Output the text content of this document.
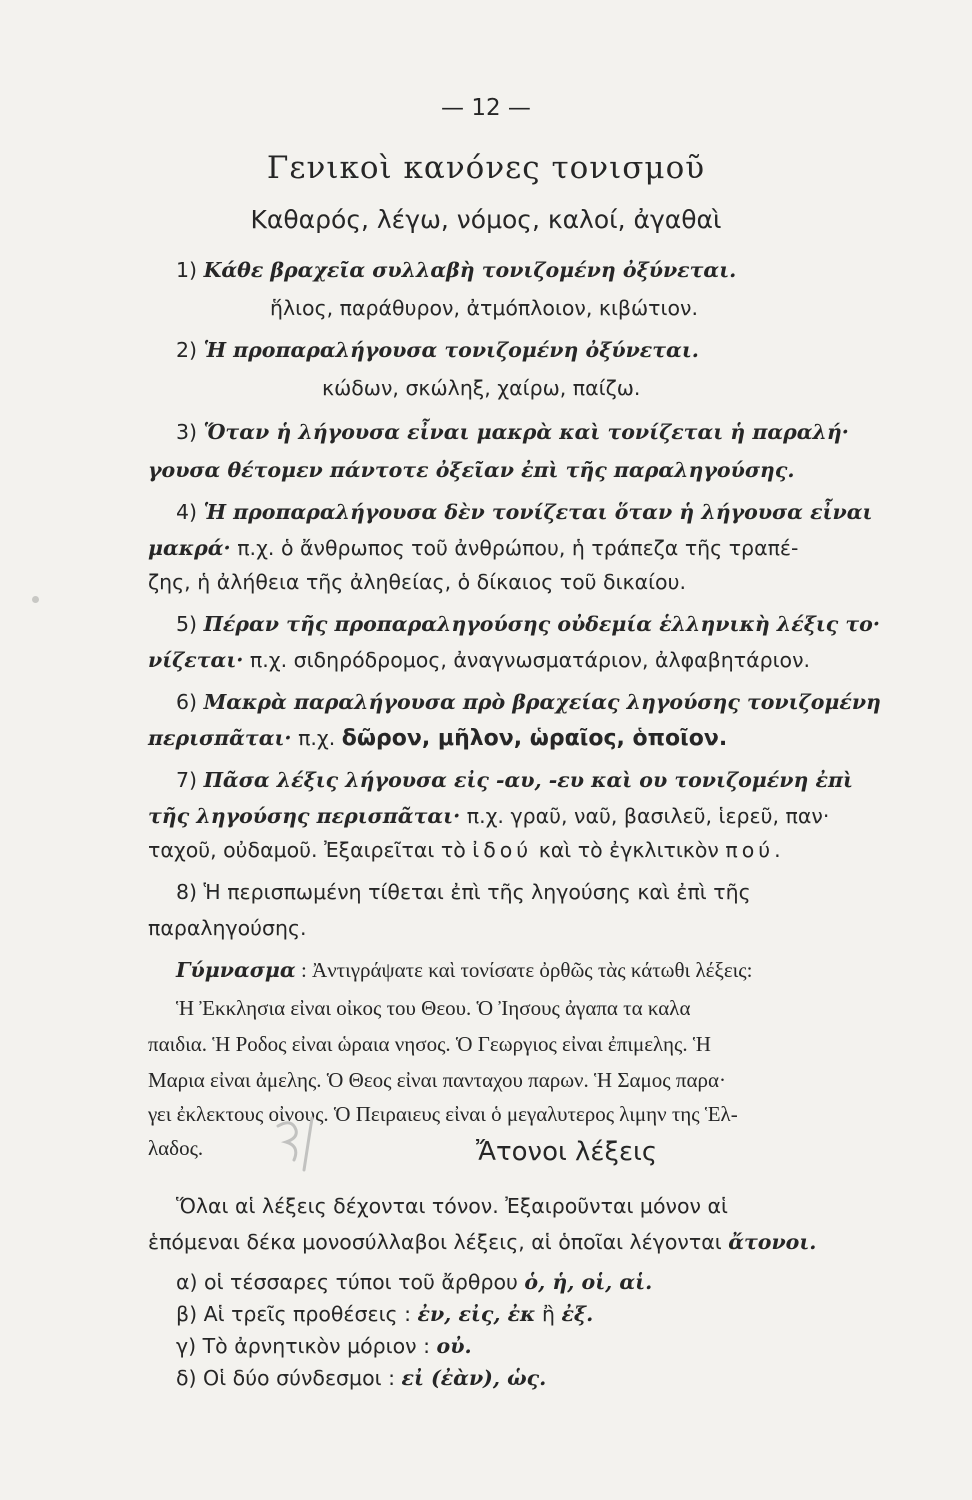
— 12 —
Γενικοὶ κανόνες τονισμοῦ
Καθαρός, λέγω, νόμος, καλοί, ἀγαθαὶ
1) Κάθε βραχεῖα συλλαβὴ τονιζομένη ὀξύνεται.
ἥλιος, παράθυρον, ἀτμόπλοιον, κιβώτιον.
2) Ἡ προπαραλήγουσα τονιζομένη ὀξύνεται.
κώδων, σκώληξ, χαίρω, παίζω.
3) Ὅταν ἡ λήγουσα εἶναι μακρὰ καὶ τονίζεται ἡ παραλή·
γουσα θέτομεν πάντοτε ὀξεῖαν ἐπὶ τῆς παραληγούσης.
4) Ἡ προπαραλήγουσα δὲν τονίζεται ὅταν ἡ λήγουσα εἶναι
μακρά· π.χ. ὁ ἄνθρωπος τοῦ ἀνθρώπου, ἡ τράπεζα τῆς τραπέ-
ζης, ἡ ἀλήθεια τῆς ἀληθείας, ὁ δίκαιος τοῦ δικαίου.
5) Πέραν τῆς προπαραληγούσης οὐδεμία ἑλληνικὴ λέξις το·
νίζεται· π.χ. σιδηρόδρομος, ἀναγνωσματάριον, ἀλφαβητάριον.
6) Μακρὰ παραλήγουσα πρὸ βραχείας ληγούσης τονιζομένη
περισπᾶται· π.χ. δῶρον, μῆλον, ὡραῖος, ὁποῖον.
7) Πᾶσα λέξις λήγουσα εἰς -αυ, -ευ καὶ ου τονιζομένη ἐπὶ
τῆς ληγούσης περισπᾶται· π.χ. γραῦ, ναῦ, βασιλεῦ, ἱερεῦ, παν·
ταχοῦ, οὐδαμοῦ. Ἐξαιρεῖται τὸ ἰδού καὶ τὸ ἐγκλιτικὸν πού.
8) Ἡ περισπωμένη τίθεται ἐπὶ τῆς ληγούσης καὶ ἐπὶ τῆς
παραληγούσης.
Γύμνασμα : Ἀντιγράψατε καὶ τονίσατε ὀρθῶς τὰς κάτωθι λέξεις:
Ἡ Ἐκκλησια εἰναι οἰκος του Θεου. Ὁ Ἰησους ἀγαπα τα καλα
παιδια. Ἡ Ροδος εἰναι ὡραια νησος. Ὁ Γεωργιος εἰναι ἐπιμελης. Ἡ
Μαρια εἰναι ἀμελης. Ὁ Θεος εἰναι πανταχου παρων. Ἡ Σαμος παρα·
γει ἐκλεκτους οἰνους. Ὁ Πειραιευς εἰναι ὁ μεγαλυτερος λιμην της Ἑλ-
λαδος.	Ἄτονοι λέξεις
Ὅλαι αἱ λέξεις δέχονται τόνον. Ἐξαιροῦνται μόνον αἱ
ἑπόμεναι δέκα μονοσύλλαβοι λέξεις, αἱ ὁποῖαι λέγονται ἄτονοι.
α) οἱ τέσσαρες τύποι τοῦ ἄρθρου ὁ, ἡ, οἱ, αἱ.
β) Αἱ τρεῖς προθέσεις : ἐν, εἰς, ἐκ ἢ ἐξ.
γ) Τὸ ἀρνητικὸν μόριον : οὐ.
δ) Οἱ δύο σύνδεσμοι : εἰ (ἐὰν), ὡς.
